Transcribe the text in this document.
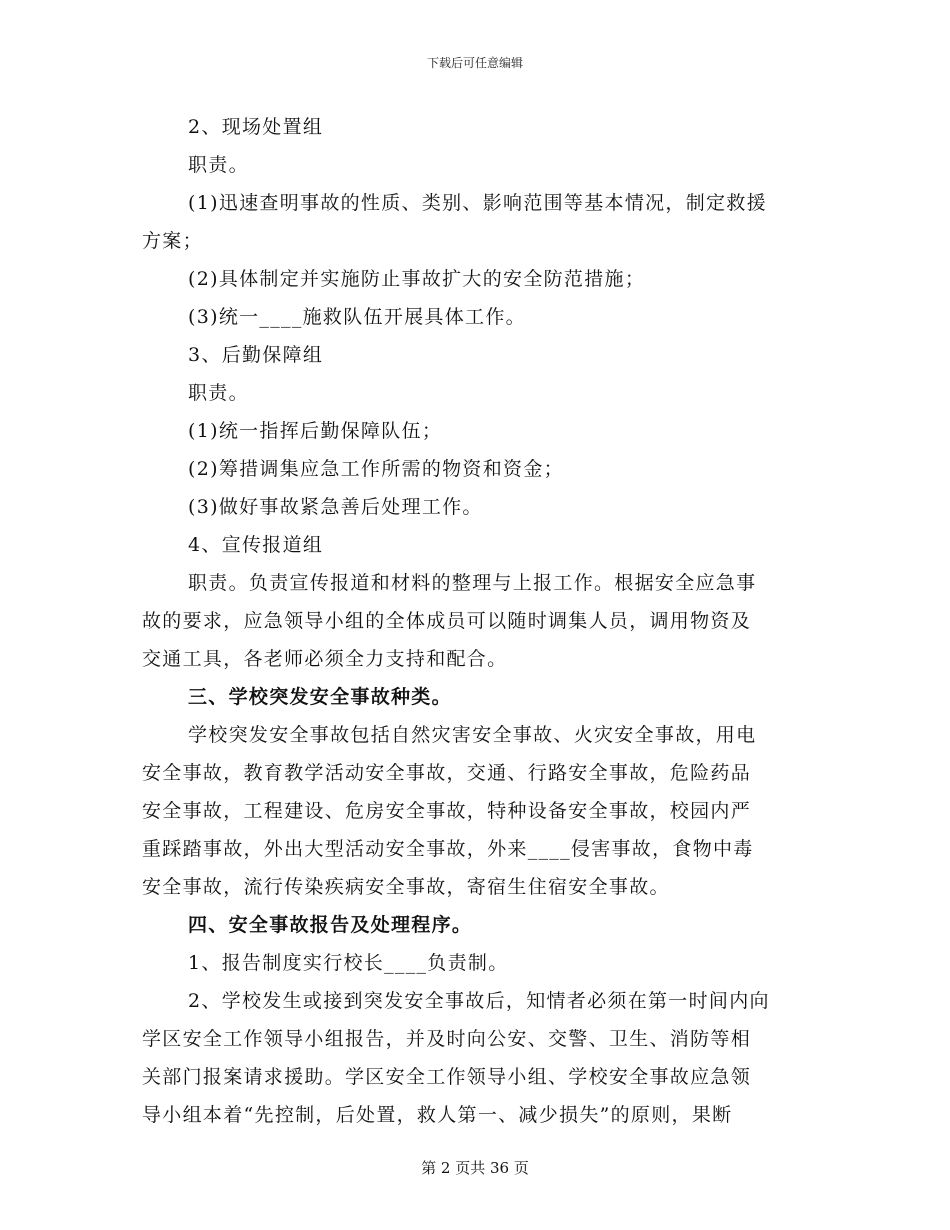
下载后可任意编辑
2、现场处置组
职责。
(1)迅速查明事故的性质、类别、影响范围等基本情况，制定救援
方案；
(2)具体制定并实施防止事故扩大的安全防范措施；
(3)统一____施救队伍开展具体工作。
3、后勤保障组
职责。
(1)统一指挥后勤保障队伍；
(2)筹措调集应急工作所需的物资和资金；
(3)做好事故紧急善后处理工作。
4、宣传报道组
职责。负责宣传报道和材料的整理与上报工作。根据安全应急事
故的要求，应急领导小组的全体成员可以随时调集人员，调用物资及
交通工具，各老师必须全力支持和配合。
三、学校突发安全事故种类。
学校突发安全事故包括自然灾害安全事故、火灾安全事故，用电
安全事故，教育教学活动安全事故，交通、行路安全事故，危险药品
安全事故，工程建设、危房安全事故，特种设备安全事故，校园内严
重踩踏事故，外出大型活动安全事故，外来____侵害事故，食物中毒
安全事故，流行传染疾病安全事故，寄宿生住宿安全事故。
四、安全事故报告及处理程序。
1、报告制度实行校长____负责制。
2、学校发生或接到突发安全事故后，知情者必须在第一时间内向
学区安全工作领导小组报告，并及时向公安、交警、卫生、消防等相
关部门报案请求援助。学区安全工作领导小组、学校安全事故应急领
导小组本着“先控制，后处置，救人第一、减少损失”的原则，果断
第 2 页共 36 页
